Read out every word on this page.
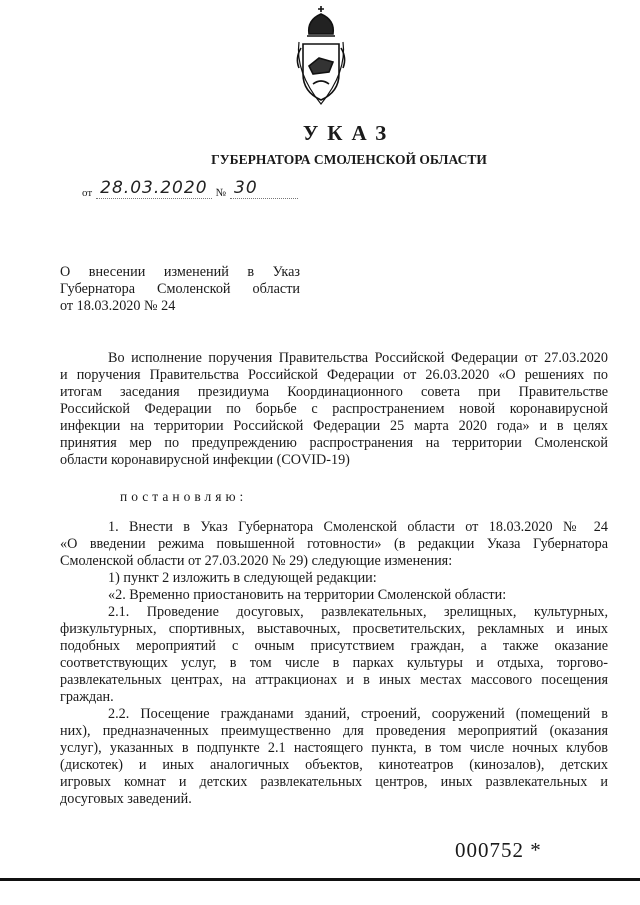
УКАЗ
ГУБЕРНАТОРА СМОЛЕНСКОЙ ОБЛАСТИ
от 28.03.2020 № 30
О внесении изменений в Указ
Губернатора Смоленской области
от 18.03.2020 № 24
Во исполнение поручения Правительства Российской Федерации от 27.03.2020
и поручения Правительства Российской Федерации от 26.03.2020 «О решениях по
итогам заседания президиума Координационного совета при Правительстве
Российской Федерации по борьбе с распространением новой коронавирусной
инфекции на территории Российской Федерации 25 марта 2020 года» и в целях
принятия мер по предупреждению распространения на территории Смоленской
области коронавирусной инфекции (COVID-19)
постановляю:
1. Внести в Указ Губернатора Смоленской области от 18.03.2020 № 24
«О введении режима повышенной готовности» (в редакции Указа Губернатора
Смоленской области от 27.03.2020 № 29) следующие изменения:
1) пункт 2 изложить в следующей редакции:
«2. Временно приостановить на территории Смоленской области:
2.1. Проведение досуговых, развлекательных, зрелищных, культурных,
физкультурных, спортивных, выставочных, просветительских, рекламных и иных
подобных мероприятий с очным присутствием граждан, а также оказание
соответствующих услуг, в том числе в парках культуры и отдыха, торгово-
развлекательных центрах, на аттракционах и в иных местах массового посещения
граждан.
2.2. Посещение гражданами зданий, строений, сооружений (помещений в
них), предназначенных преимущественно для проведения мероприятий (оказания
услуг), указанных в подпункте 2.1 настоящего пункта, в том числе ночных клубов
(дискотек) и иных аналогичных объектов, кинотеатров (кинозалов), детских
игровых комнат и детских развлекательных центров, иных развлекательных и
досуговых заведений.
000752 *
